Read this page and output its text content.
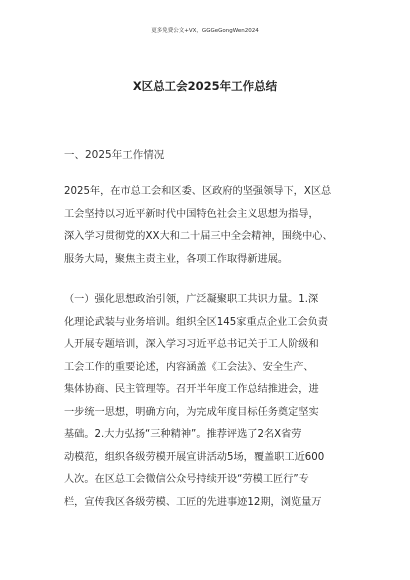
更多免费公文+VX，GGGeGongWen2024
X区总工会2025年工作总结
一、2025年工作情况
2025年，在市总工会和区委、区政府的坚强领导下，X区总
工会坚持以习近平新时代中国特色社会主义思想为指导，
深入学习贯彻党的XX大和二十届三中全会精神，围绕中心、
服务大局，聚焦主责主业，各项工作取得新进展。
（一）强化思想政治引领，广泛凝聚职工共识力量。1.深
化理论武装与业务培训。组织全区145家重点企业工会负责
人开展专题培训，深入学习习近平总书记关于工人阶级和
工会工作的重要论述，内容涵盖《工会法》、安全生产、
集体协商、民主管理等。召开半年度工作总结推进会，进
一步统一思想，明确方向，为完成年度目标任务奠定坚实
基础。2.大力弘扬“三种精神”。推荐评选了2名X省劳
动模范，组织各级劳模开展宣讲活动5场，覆盖职工近600
人次。在区总工会微信公众号持续开设“劳模工匠行”专
栏，宣传我区各级劳模、工匠的先进事迹12期，浏览量万
